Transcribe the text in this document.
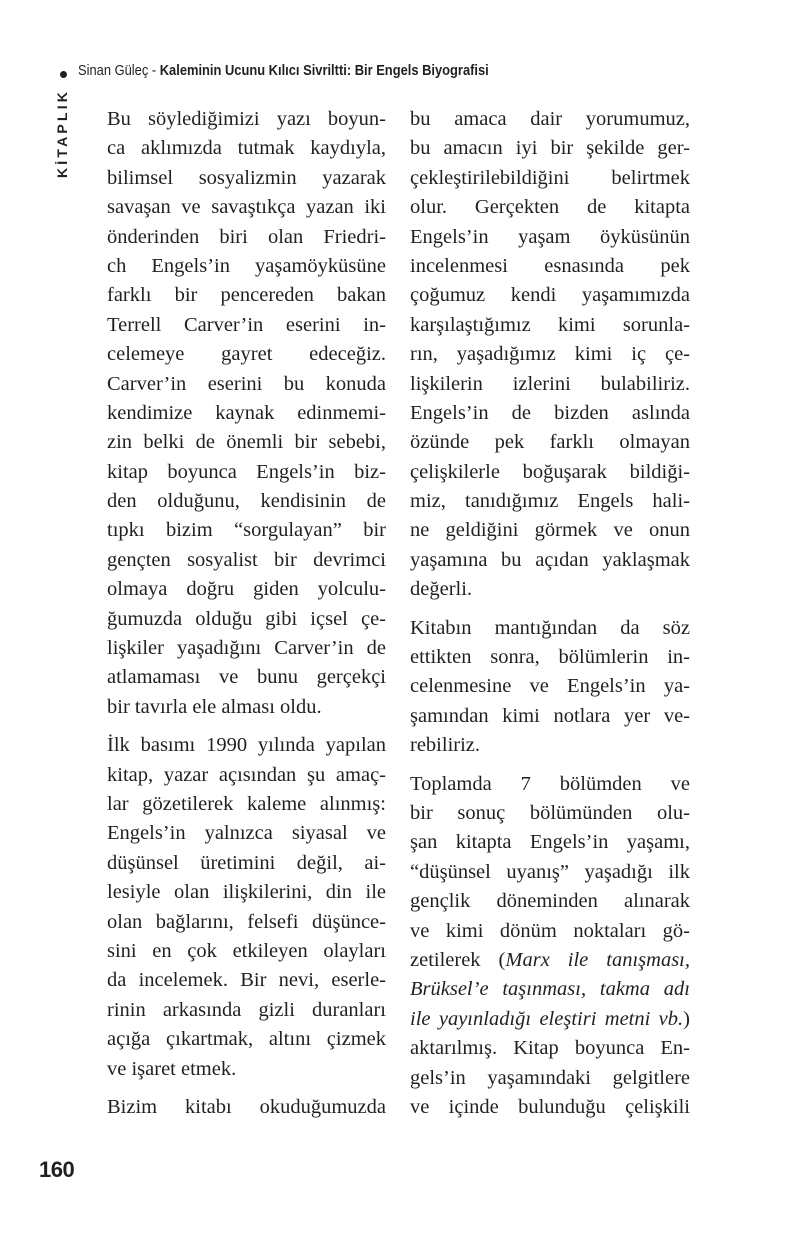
Sinan Güleç - Kaleminin Ucunu Kılıcı Sivriltti: Bir Engels Biyografisi
KİTAPLIK Bu söylediğimizi yazı boyun-
ca aklımızda tutmak kaydıyla,
bilimsel sosyalizmin yazarak
savaşan ve savaştıkça yazan iki
önderinden biri olan Friedri-
ch Engels’in yaşamöyküsüne
farklı bir pencereden bakan
Terrell Carver’in eserini in-
celemeye gayret edeceğiz.
Carver’in eserini bu konuda
kendimize kaynak edinmemi-
zin belki de önemli bir sebebi,
kitap boyunca Engels’in biz-
den olduğunu, kendisinin de
tıpkı bizim “sorgulayan” bir
gençten sosyalist bir devrimci
olmaya doğru giden yolculu-
ğumuzda olduğu gibi içsel çe-
lişkiler yaşadığını Carver’in de
atlamaması ve bunu gerçekçi
bir tavırla ele alması oldu.
İlk basımı 1990 yılında yapılan
kitap, yazar açısından şu amaç-
lar gözetilerek kaleme alınmış:
Engels’in yalnızca siyasal ve
düşünsel üretimini değil, ai-
lesiyle olan ilişkilerini, din ile
olan bağlarını, felsefi düşünce-
sini en çok etkileyen olayları
da incelemek. Bir nevi, eserle-
rinin arkasında gizli duranları
açığa çıkartmak, altını çizmek
ve işaret etmek.
Bizim kitabı okuduğumuzda
bu amaca dair yorumumuz,
bu amacın iyi bir şekilde ger-
çekleştirilebildiğini belirtmek
olur. Gerçekten de kitapta
Engels’in yaşam öyküsünün
incelenmesi esnasında pek
çoğumuz kendi yaşamımızda
karşılaştığımız kimi sorunla-
rın, yaşadığımız kimi iç çe-
lişkilerin izlerini bulabiliriz.
Engels’in de bizden aslında
özünde pek farklı olmayan
çelişkilerle boğuşarak bildiği-
miz, tanıdığımız Engels hali-
ne geldiğini görmek ve onun
yaşamına bu açıdan yaklaşmak
değerli.
Kitabın mantığından da söz
ettikten sonra, bölümlerin in-
celenmesine ve Engels’in ya-
şamından kimi notlara yer ve-
rebiliriz.
Toplamda 7 bölümden ve
bir sonuç bölümünden olu-
şan kitapta Engels’in yaşamı,
“düşünsel uyanış” yaşadığı ilk
gençlik döneminden alınarak
ve kimi dönüm noktaları gö-
zetilerek (Marx ile tanışması,
Brüksel’e taşınması, takma adı
ile yayınladığı eleştiri metni vb.)
aktarılmış. Kitap boyunca En-
gels’in yaşamındaki gelgitlere
ve içinde bulunduğu çelişkili
160
